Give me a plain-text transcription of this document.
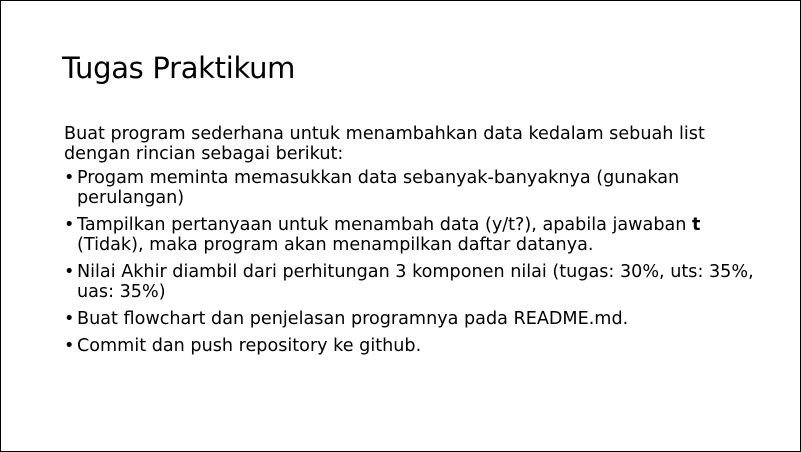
Tugas Praktikum

Buat program sederhana untuk menambahkan data kedalam sebuah list dengan rincian sebagai berikut:

• Progam meminta memasukkan data sebanyak-banyaknya (gunakan perulangan)
• Tampilkan pertanyaan untuk menambah data (y/t?), apabila jawaban t (Tidak), maka program akan menampilkan daftar datanya.
• Nilai Akhir diambil dari perhitungan 3 komponen nilai (tugas: 30%, uts: 35%, uas: 35%)
• Buat flowchart dan penjelasan programnya pada README.md.
• Commit dan push repository ke github.
